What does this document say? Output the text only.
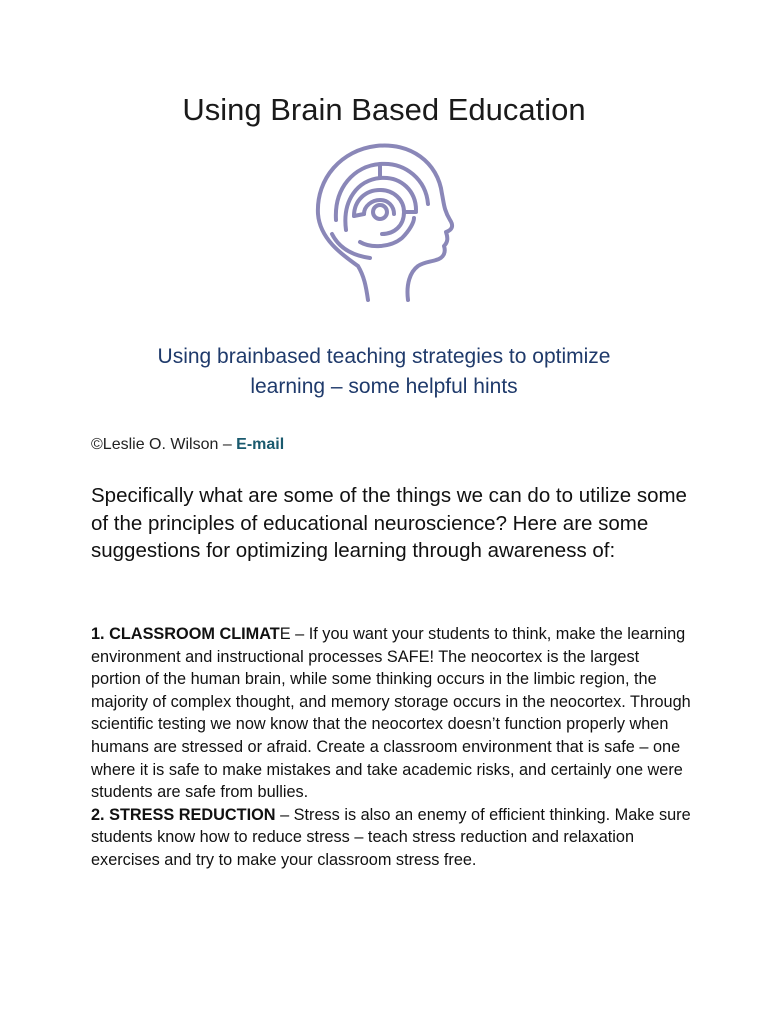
Using Brain Based Education
Using brainbased teaching strategies to optimize
learning – some helpful hints
©Leslie O. Wilson – E-mail
Specifically what are some of the things we can do to utilize some of the principles of educational neuroscience? Here are some suggestions for optimizing learning through awareness of:

1. CLASSROOM CLIMATE – If you want your students to think, make the learning environment and instructional processes SAFE! The neocortex is the largest portion of the human brain, while some thinking occurs in the limbic region, the majority of complex thought, and memory storage occurs in the neocortex. Through scientific testing we now know that the neocortex doesn’t function properly when humans are stressed or afraid. Create a classroom environment that is safe – one where it is safe to make mistakes and take academic risks, and certainly one were students are safe from bullies.

2. STRESS REDUCTION – Stress is also an enemy of efficient thinking. Make sure students know how to reduce stress – teach stress reduction and relaxation exercises and try to make your classroom stress free.
